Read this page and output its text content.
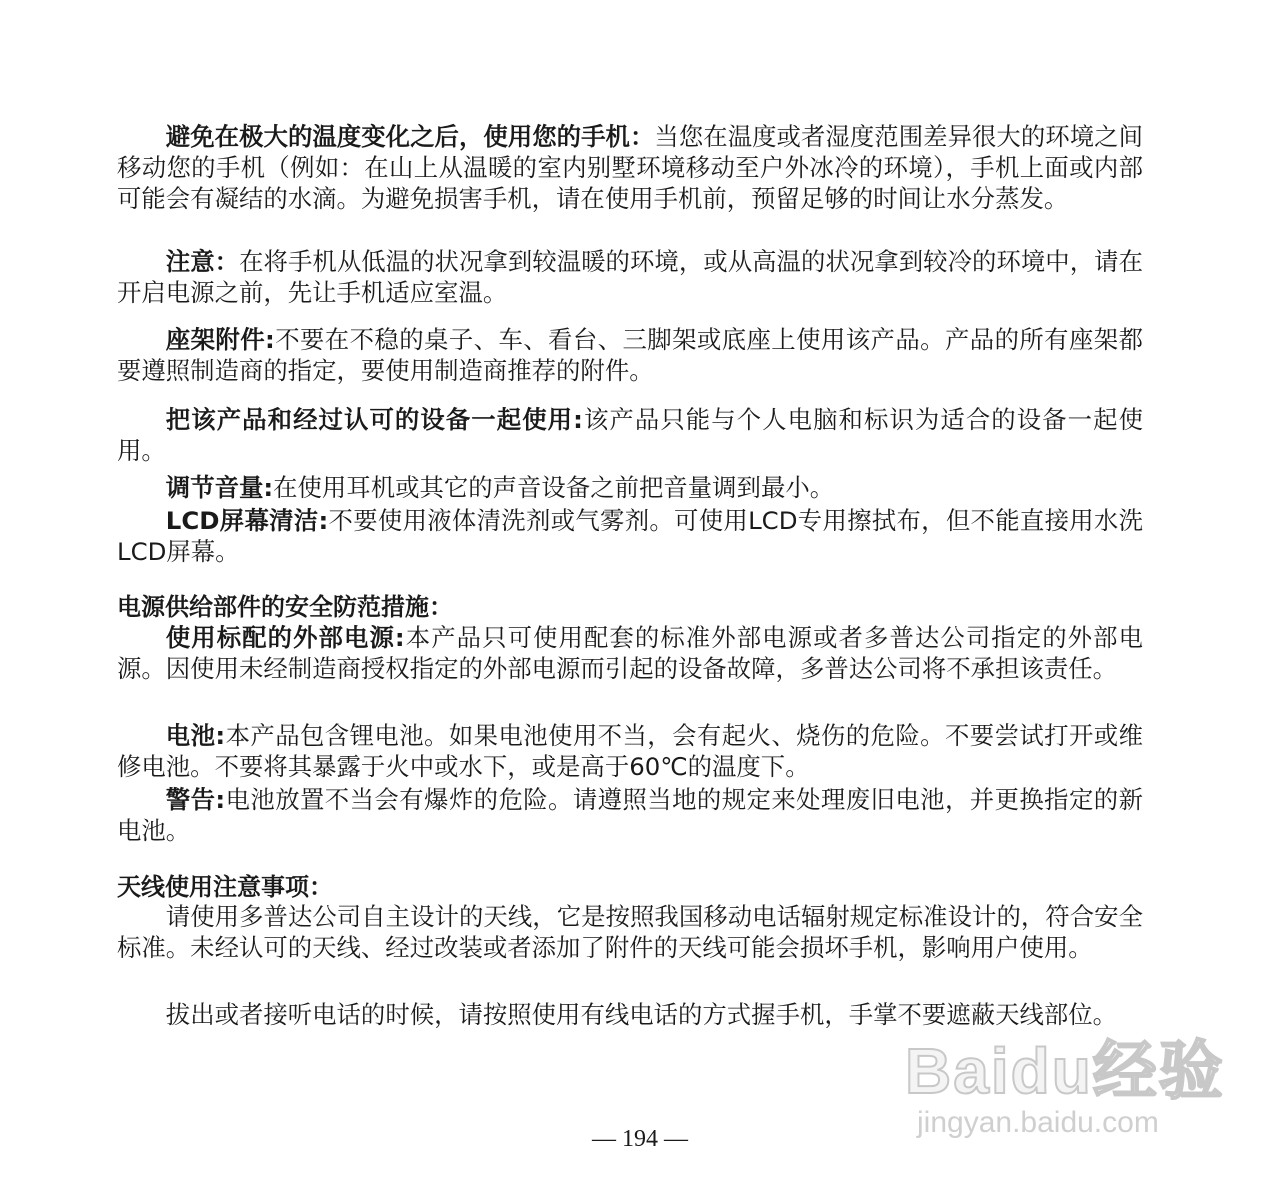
避免在极大的温度变化之后，使用您的手机：当您在温度或者湿度范围差异很大的环境之间移动您的手机（例如：在山上从温暖的室内别墅环境移动至户外冰冷的环境），手机上面或内部可能会有凝结的水滴。为避免损害手机，请在使用手机前，预留足够的时间让水分蒸发。
注意：在将手机从低温的状况拿到较温暖的环境，或从高温的状况拿到较冷的环境中，请在开启电源之前，先让手机适应室温。
座架附件:不要在不稳的桌子、车、看台、三脚架或底座上使用该产品。产品的所有座架都要遵照制造商的指定，要使用制造商推荐的附件。
把该产品和经过认可的设备一起使用:该产品只能与个人电脑和标识为适合的设备一起使用。
调节音量:在使用耳机或其它的声音设备之前把音量调到最小。
LCD屏幕清洁:不要使用液体清洗剂或气雾剂。可使用LCD专用擦拭布，但不能直接用水洗LCD屏幕。
电源供给部件的安全防范措施：
使用标配的外部电源:本产品只可使用配套的标准外部电源或者多普达公司指定的外部电源。因使用未经制造商授权指定的外部电源而引起的设备故障，多普达公司将不承担该责任。
电池:本产品包含锂电池。如果电池使用不当，会有起火、烧伤的危险。不要尝试打开或维修电池。不要将其暴露于火中或水下，或是高于60℃的温度下。
警告:电池放置不当会有爆炸的危险。请遵照当地的规定来处理废旧电池，并更换指定的新电池。
天线使用注意事项：
请使用多普达公司自主设计的天线，它是按照我国移动电话辐射规定标准设计的，符合安全标准。未经认可的天线、经过改装或者添加了附件的天线可能会损坏手机，影响用户使用。
拔出或者接听电话的时候，请按照使用有线电话的方式握手机，手掌不要遮蔽天线部位。
Baidu经验
jingyan.baidu.com
— 194 —
